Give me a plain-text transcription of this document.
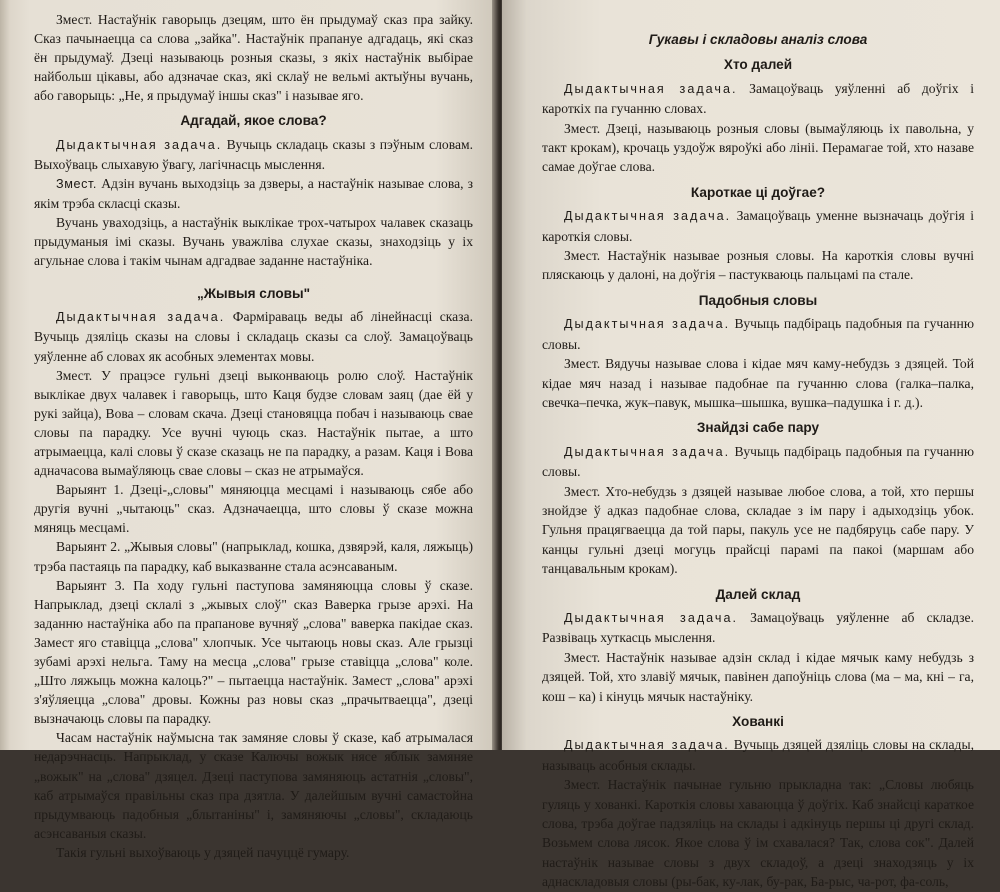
Змест. Настаўнік гаворыць дзецям, што ён прыдумаў сказ пра зайку. Сказ пачынаецца са слова „зайка". Настаўнік прапануе адгадаць, які сказ ён прыдумаў. Дзеці называюць розныя сказы, з якіх настаўнік выбірае найбольш цікавы, або адзначае сказ, які склаў не вельмі актыўны вучань, або гаворыць: „Не, я прыдумаў іншы сказ" і называе яго.

Адгадай, якое слова?

Дыдактычная задача. Вучыць складаць сказы з пэўным словам. Выхоўваць слыхавую ўвагу, лагічнасць мыслення.

Змест. Адзін вучань выходзіць за дзверы, а настаўнік называе слова, з якім трэба скласці сказы.

Вучань увaходзіць, а настаўнік выклікае трох-чатырох чалавек сказаць прыдуманыя імі сказы. Вучань уважліва слухае сказы, знаходзіць у іх агульнае слова і такім чынам адгадвае заданне настаўніка.

„Жывыя словы"

Дыдактычная задача. Фарміраваць веды аб лінейнасці сказа. Вучыць дзяліць сказы на словы і складаць сказы са слоў. Замацоўваць уяўленне аб словах як асобных элементах мовы.

Змест. У працэсе гульні дзеці выконваюць ролю слоў. Настаўнік выклікае двух чалавек і гаворыць, што Каця будзе словам заяц (дае ёй у рукі зайца), Вова – словам скача. Дзеці становяцца побач і называюць свае словы па парадку. Усе вучні чуюць сказ. Настаўнік пытае, а што атрымаецца, калі словы ў сказе сказаць не па парадку, а разам. Каця і Вова аднaчасова вымаўляюць свае словы – сказ не атрымаўся.

Варыянт 1. Дзеці-„словы" мяняюцца месцамі і называюць сябе або другія вучні „чытаюць" сказ. Адзначаецца, што словы ў сказе можна мяняць месцамі.

Варыянт 2. „Жывыя словы" (напрыклад, кошка, дзвярэй, каля, ляжыць) трэба пастаяць па парадку, каб выказванне стала асэнсаваным.

Варыянт 3. Па ходу гульні паступова замяняюцца словы ў сказе. Напрыклад, дзеці склалі з „жывых слоў" сказ Ваверка грызе арэхі. На заданню настаўніка або па прапанове вучняў „слова" ваверка пакідае сказ. Замест яго ставіцца „слова" хлопчык. Усе чытаюць новы сказ. Але грызці зубамі арэхі нельга. Таму на месца „слова" грызе ставіцца „слова" коле. „Што ляжыць можна калоць?" – пытаецца настаўнік. Замест „слова" арэхі з'яўляецца „слова" дровы. Кожны раз новы сказ „прачытваецца", дзеці вызначаюць словы па парадку.

Часам настаўнік наўмысна так замяняе словы ў сказе, каб атрымалася недарэчнасць. Напрыклад, у сказе Калючы вожык нясе яблык замяняе „вожык" на „слова" дзяцел. Дзеці паступова замяняюць астатнія „словы", каб атрымаўся правільны сказ пра дзятла. У далейшым вучні самастойна прыдумваюць падобныя „блытаніны" і, замяняючы „словы", складаюць асэнсаваныя сказы.

Такія гульні выхоўваюць у дзяцей пачуццё гумару.

Гукавы і складовы аналіз слова
Хто далей

Дыдактычная задача. Замацоўваць уяўленні аб доўгіх і кароткіх па гучанню словах.

Змест. Дзеці, называюць розныя словы (вымаўляюць іх павольна, у такт крокам), крочаць уздоўж вяроўкі або лініі. Перамагае той, хто назаве самае доўгае слова.

Кароткае ці доўгае?

Дыдактычная задача. Замацоўваць уменне вызначаць доўгія і кароткія словы.

Змест. Настаўнік называе розныя словы. На кароткія словы вучні пляскаюць у далоні, на доўгія – пастукваюць пальцамі па стале.

Падобныя словы

Дыдактычная задача. Вучыць падбіраць падобныя па гучанню словы.

Змест. Вядучы называе слова і кідае мяч каму-небудзь з дзяцей. Той кідае мяч назад і называе падобнае па гучанню слова (галка–палка, свечка–печка, жук–павук, мышка–шышка, вушка–падушка і г. д.).

Знайдзі сабе пару

Дыдактычная задача. Вучыць падбіраць падобныя па гучанню словы.

Змест. Хто-небудзь з дзяцей называе любое слова, а той, хто першы знойдзе ў адказ падобнае слова, складае з ім пару і адыходзіць убок. Гульня працягваецца да той пары, пакуль усе не падбяруць сабе пару. У канцы гульні дзеці могуць прайсці парамі па пакоі (маршам або танцавальным крокам).

Далей склад

Дыдактычная задача. Замацоўваць уяўленне аб складзе. Развіваць хуткасць мыслення.

Змест. Настаўнік называе адзін склад і кідае мячык каму небудзь з дзяцей. Той, хто злавіў мячык, павінен дапоўніць слова (ма – ма, кні – га, кош – ка) і кінуць мячык настаўніку.

Хованкі

Дыдактычная задача. Вучыць дзяцей дзяліць словы на склады, называць асобныя склады.

Змест. Настаўнік пачынае гульню прыкладна так: „Словы любяць гуляць у хованкі. Кароткія словы хаваюцца ў доўгіх. Каб знайсці караткое слова, трэба доўгае падзяліць на склады і адкінуць першы ці другі склад. Возьмем слова лясок. Якое слова ў ім схавалася? Так, слова сок". Далей настаўнік называе словы з двух складоў, а дзеці знаходзяць у іх аднаскладовыя словы (ры-бак, ку-лак, бу-рак, Ба-рыс, ча-рот, фа-соль,
